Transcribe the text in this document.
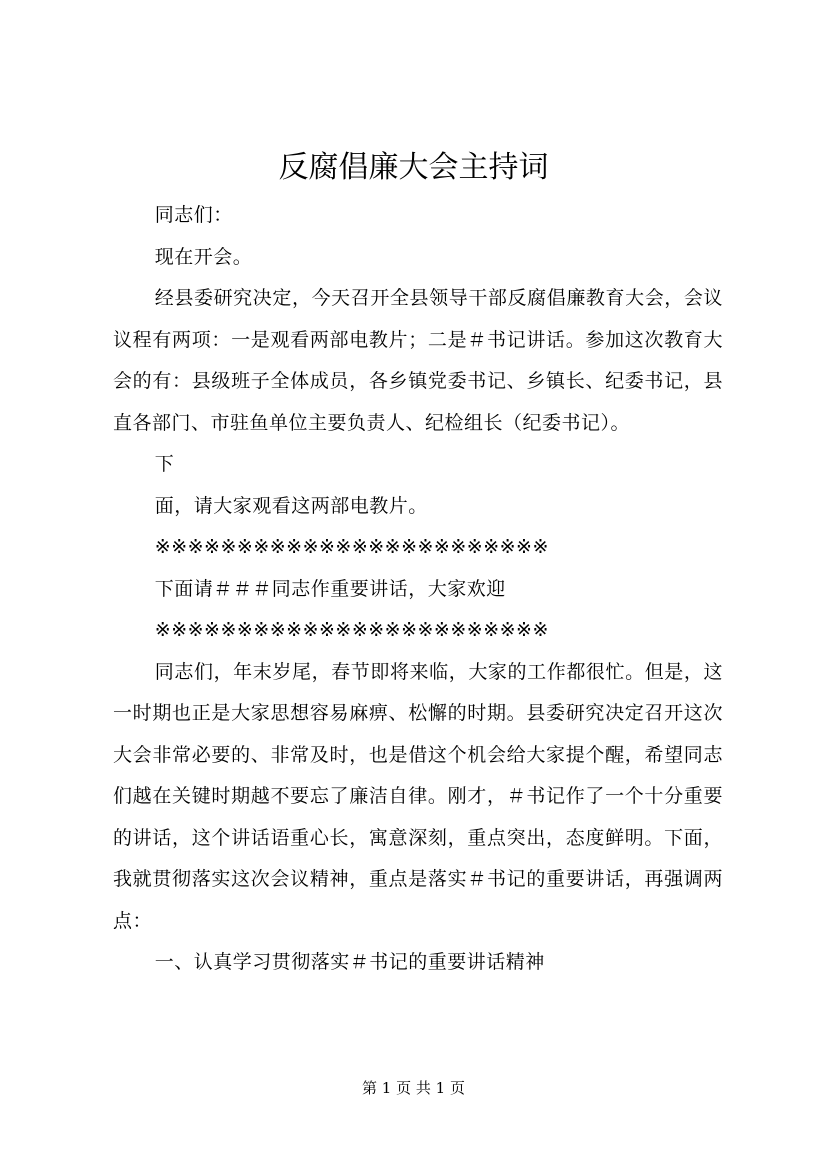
反腐倡廉大会主持词

同志们：

现在开会。

经县委研究决定，今天召开全县领导干部反腐倡廉教育大会，会议议程有两项：一是观看两部电教片；二是＃书记讲话。参加这次教育大会的有：县级班子全体成员，各乡镇党委书记、乡镇长、纪委书记，县直各部门、市驻鱼单位主要负责人、纪检组长（纪委书记）。

下

面，请大家观看这两部电教片。

※※※※※※※※※※※※※※※※※※※※※※※※

下面请＃＃＃同志作重要讲话，大家欢迎

※※※※※※※※※※※※※※※※※※※※※※※※

同志们，年末岁尾，春节即将来临，大家的工作都很忙。但是，这一时期也正是大家思想容易麻痹、松懈的时期。县委研究决定召开这次大会非常必要的、非常及时，也是借这个机会给大家提个醒，希望同志们越在关键时期越不要忘了廉洁自律。刚才，＃书记作了一个十分重要的讲话，这个讲话语重心长，寓意深刻，重点突出，态度鲜明。下面，我就贯彻落实这次会议精神，重点是落实＃书记的重要讲话，再强调两点：

一、认真学习贯彻落实＃书记的重要讲话精神

第 1 页 共 1 页
